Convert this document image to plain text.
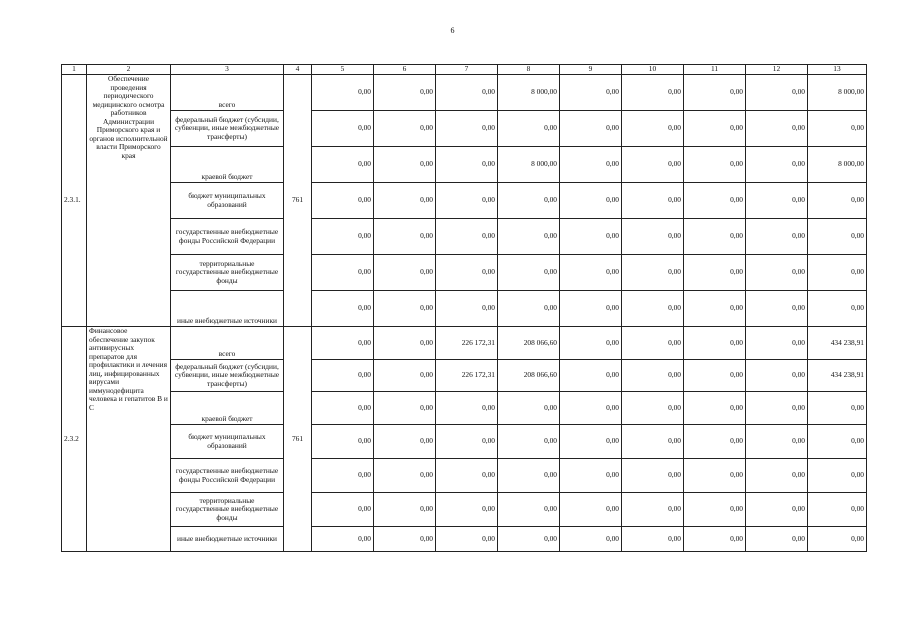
6
1	2	3	4	5	6	7	8	9	10	11	12	13
2.3.1.	Обеспечение проведения периодического медицинского осмотра работников Администрации Приморского края и органов исполнительной власти Приморского края	всего	761	0,00	0,00	0,00	8 000,00	0,00	0,00	0,00	0,00	8 000,00
		федеральный бюджет (субсидии, субвенции, иные межбюджетные трансферты)		0,00	0,00	0,00	0,00	0,00	0,00	0,00	0,00	0,00
		краевой бюджет		0,00	0,00	0,00	8 000,00	0,00	0,00	0,00	0,00	8 000,00
		бюджет муниципальных образований		0,00	0,00	0,00	0,00	0,00	0,00	0,00	0,00	0,00
		государственные внебюджетные фонды Российской Федерации		0,00	0,00	0,00	0,00	0,00	0,00	0,00	0,00	0,00
		территориальные государственные внебюджетные фонды		0,00	0,00	0,00	0,00	0,00	0,00	0,00	0,00	0,00
		иные внебюджетные источники		0,00	0,00	0,00	0,00	0,00	0,00	0,00	0,00	0,00
2.3.2	Финансовое обеспечение закупок антивирусных препаратов для профилактики и лечения лиц, инфицированных вирусами иммунодефицита человека и гепатитов В и С	всего	761	0,00	0,00	226 172,31	208 066,60	0,00	0,00	0,00	0,00	434 238,91
		федеральный бюджет (субсидии, субвенции, иные межбюджетные трансферты)		0,00	0,00	226 172,31	208 066,60	0,00	0,00	0,00	0,00	434 238,91
		краевой бюджет		0,00	0,00	0,00	0,00	0,00	0,00	0,00	0,00	0,00
		бюджет муниципальных образований		0,00	0,00	0,00	0,00	0,00	0,00	0,00	0,00	0,00
		государственные внебюджетные фонды Российской Федерации		0,00	0,00	0,00	0,00	0,00	0,00	0,00	0,00	0,00
		территориальные государственные внебюджетные фонды		0,00	0,00	0,00	0,00	0,00	0,00	0,00	0,00	0,00
		иные внебюджетные источники		0,00	0,00	0,00	0,00	0,00	0,00	0,00	0,00	0,00
